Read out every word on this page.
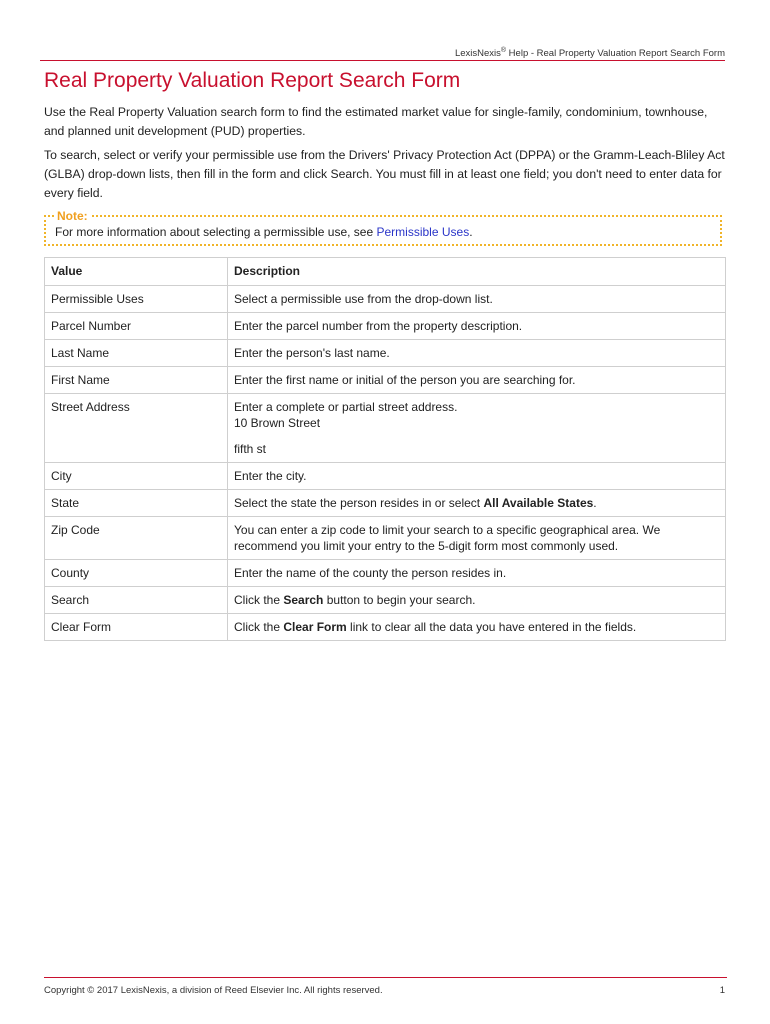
LexisNexis® Help - Real Property Valuation Report Search Form
Real Property Valuation Report Search Form

Use the Real Property Valuation search form to find the estimated market value for single-family, condominium, townhouse, and planned unit development (PUD) properties.

To search, select or verify your permissible use from the Drivers' Privacy Protection Act (DPPA) or the Gramm-Leach-Bliley Act (GLBA) drop-down lists, then fill in the form and click Search. You must fill in at least one field; you don't need to enter data for every field.

Note:
For more information about selecting a permissible use, see Permissible Uses.
Value	Description
Permissible Uses	Select a permissible use from the drop-down list.
Parcel Number	Enter the parcel number from the property description.
Last Name	Enter the person's last name.
First Name	Enter the first name or initial of the person you are searching for.
Street Address	Enter a complete or partial street address.
10 Brown Street
fifth st

City	Enter the city.
State	Select the state the person resides in or select All Available States.
Zip Code	You can enter a zip code to limit your search to a specific geographical area. We recommend you limit your entry to the 5-digit form most commonly used.
County	Enter the name of the county the person resides in.
Search	Click the Search button to begin your search.
Clear Form	Click the Clear Form link to clear all the data you have entered in the fields.
Copyright © 2017 LexisNexis, a division of Reed Elsevier Inc. All rights reserved.	1
